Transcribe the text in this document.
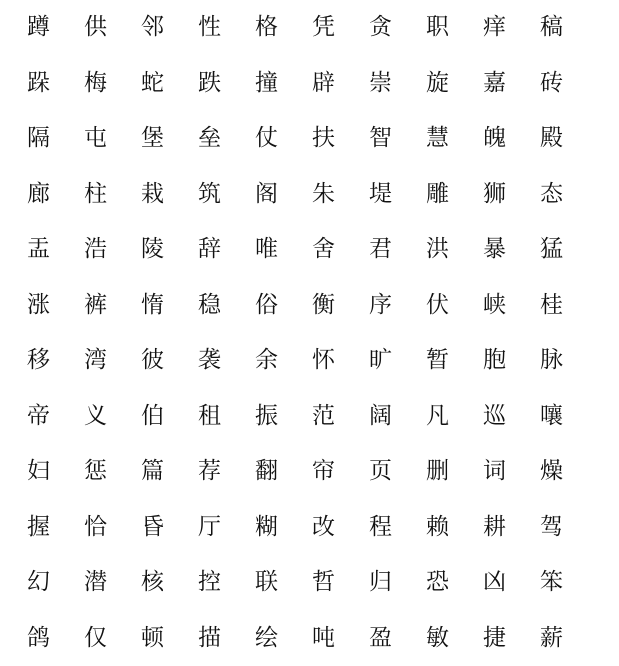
蹲	供	邻	性	格	凭	贪	职	痒	稿
跺	梅	蛇	跌	撞	辟	崇	旋	嘉	砖
隔	屯	堡	垒	仗	扶	智	慧	魄	殿
廊	柱	栽	筑	阁	朱	堤	雕	狮	态
盂	浩	陵	辞	唯	舍	君	洪	暴	猛
涨	裤	惰	稳	俗	衡	序	伏	峡	桂
移	湾	彼	袭	余	怀	旷	暂	胞	脉
帝	义	伯	租	振	范	阔	凡	巡	嚷
妇	惩	篇	荐	翻	帘	页	删	词	燥
握	恰	昏	厅	糊	改	程	赖	耕	驾
幻	潜	核	控	联	哲	归	恐	凶	笨
鸽	仅	顿	描	绘	吨	盈	敏	捷	薪
